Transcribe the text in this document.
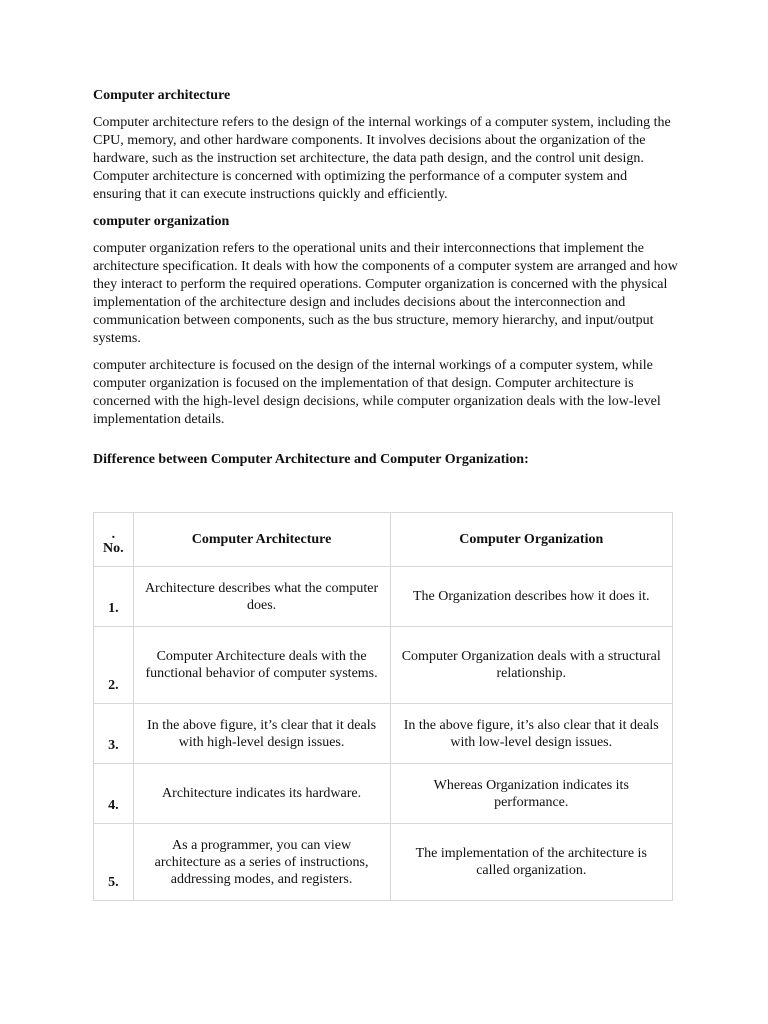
Computer architecture

Computer architecture refers to the design of the internal workings of a computer system, including the CPU, memory, and other hardware components. It involves decisions about the organization of the hardware, such as the instruction set architecture, the data path design, and the control unit design. Computer architecture is concerned with optimizing the performance of a computer system and ensuring that it can execute instructions quickly and efficiently.

computer organization

computer organization refers to the operational units and their interconnections that implement the architecture specification. It deals with how the components of a computer system are arranged and how they interact to perform the required operations. Computer organization is concerned with the physical implementation of the architecture design and includes decisions about the interconnection and communication between components, such as the bus structure, memory hierarchy, and input/output systems.

computer architecture is focused on the design of the internal workings of a computer system, while computer organization is focused on the implementation of that design. Computer architecture is concerned with the high-level design decisions, while computer organization deals with the low-level implementation details.

Difference between Computer Architecture and Computer Organization:

.
No.	Computer Architecture	Computer Organization
1.	Architecture describes what the computer does.	The Organization describes how it does it.
2.	Computer Architecture deals with the functional behavior of computer systems.	Computer Organization deals with a structural relationship.
3.	In the above figure, it’s clear that it deals with high-level design issues.	In the above figure, it’s also clear that it deals with low-level design issues.
4.	Architecture indicates its hardware.	Whereas Organization indicates its performance.
5.	As a programmer, you can view architecture as a series of instructions, addressing modes, and registers.	The implementation of the architecture is called organization.
